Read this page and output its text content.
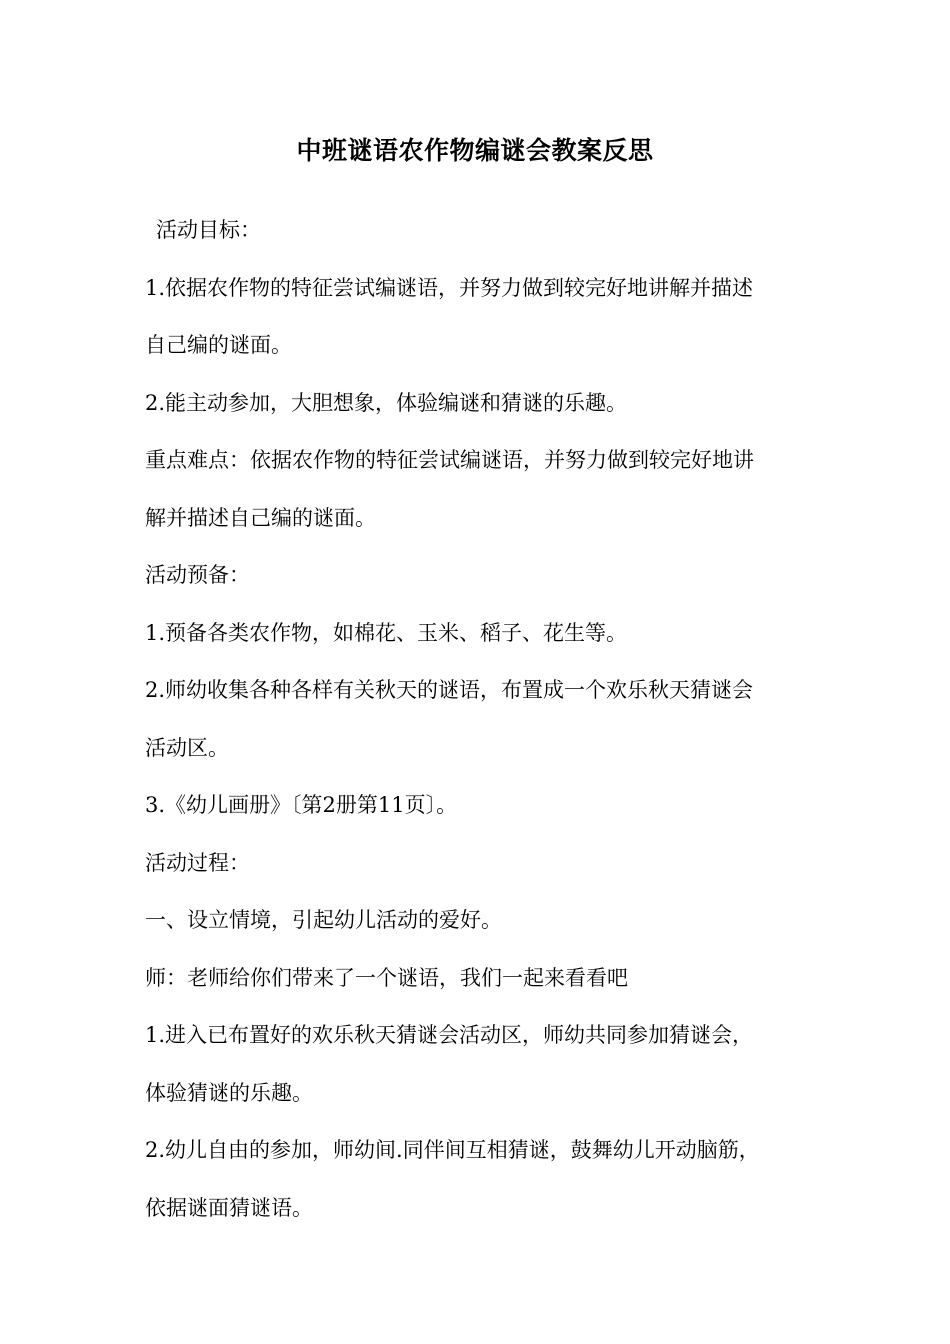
中班谜语农作物编谜会教案反思

活动目标：

1.依据农作物的特征尝试编谜语，并努力做到较完好地讲解并描述

自己编的谜面。

2.能主动参加，大胆想象，体验编谜和猜谜的乐趣。

重点难点：依据农作物的特征尝试编谜语，并努力做到较完好地讲

解并描述自己编的谜面。

活动预备：

1.预备各类农作物，如棉花、玉米、稻子、花生等。

2.师幼收集各种各样有关秋天的谜语，布置成一个欢乐秋天猜谜会

活动区。

3.《幼儿画册》〔第2册第11页〕。

活动过程：

一、设立情境，引起幼儿活动的爱好。

师：老师给你们带来了一个谜语，我们一起来看看吧

1.进入已布置好的欢乐秋天猜谜会活动区，师幼共同参加猜谜会，

体验猜谜的乐趣。

2.幼儿自由的参加，师幼间.同伴间互相猜谜，鼓舞幼儿开动脑筋，

依据谜面猜谜语。
